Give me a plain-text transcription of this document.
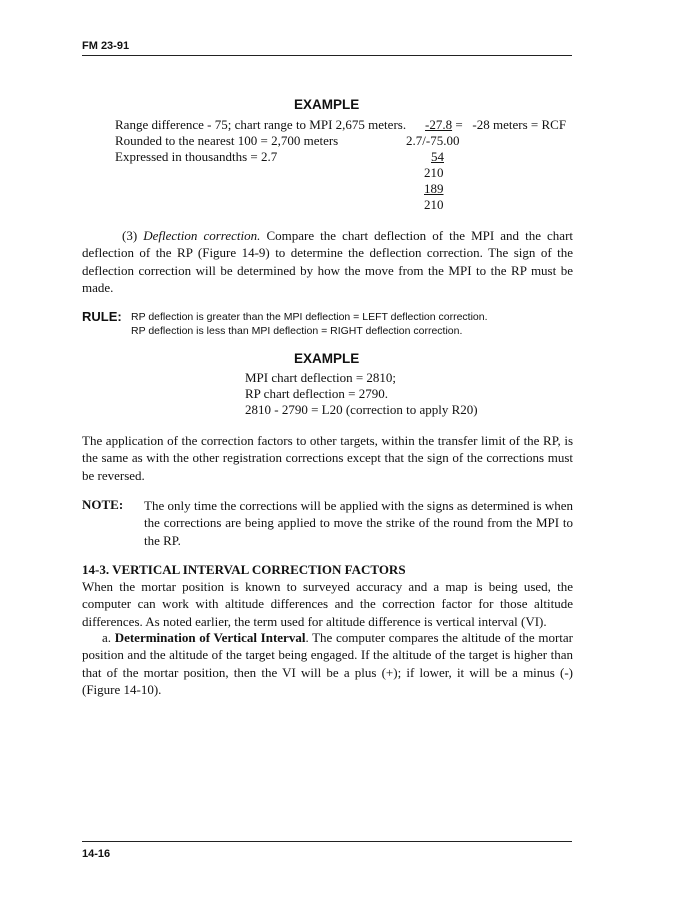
FM 23-91
EXAMPLE
Range difference - 75; chart range to MPI 2,675 meters. -27.8 =   -28 meters = RCF
Rounded to the nearest 100 = 2,700 meters	2.7/-75.00
Expressed in thousandths = 2.7	54
210
189
210
(3) Deflection correction. Compare the chart deflection of the MPI and the chart deflection of the RP (Figure 14-9) to determine the deflection correction. The sign of the deflection correction will be determined by how the move from the MPI to the RP must be made.
RULE: RP deflection is greater than the MPI deflection = LEFT deflection correction.
RP deflection is less than MPI deflection = RIGHT deflection correction.
EXAMPLE
MPI chart deflection = 2810;
RP chart deflection = 2790.
2810 - 2790 = L20 (correction to apply R20)
The application of the correction factors to other targets, within the transfer limit of the RP, is the same as with the other registration corrections except that the sign of the corrections must be reversed.
NOTE: The only time the corrections will be applied with the signs as determined is when the corrections are being applied to move the strike of the round from the MPI to the RP.
14-3. VERTICAL INTERVAL CORRECTION FACTORS
When the mortar position is known to surveyed accuracy and a map is being used, the computer can work with altitude differences and the correction factor for those altitude differences. As noted earlier, the term used for altitude difference is vertical interval (VI).
a. Determination of Vertical Interval. The computer compares the altitude of the mortar position and the altitude of the target being engaged. If the altitude of the target is higher than that of the mortar position, then the VI will be a plus (+); if lower, it will be a minus (-) (Figure 14-10).
14-16
